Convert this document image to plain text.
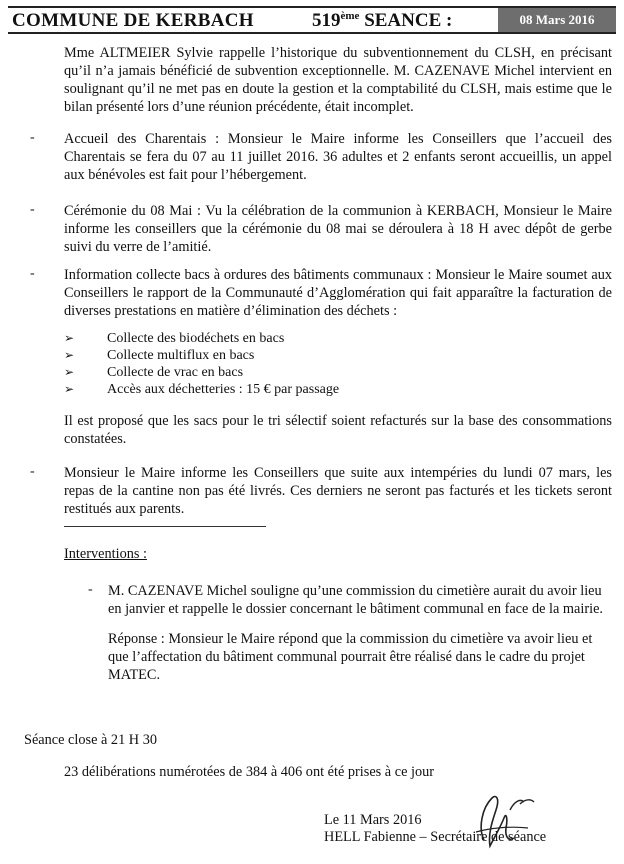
COMMUNE DE KERBACH	519ème SEANCE :	08 Mars 2016
Mme ALTMEIER Sylvie rappelle l’historique du subventionnement du CLSH, en précisant qu’il n’a jamais bénéficié de subvention exceptionnelle. M. CAZENAVE Michel intervient en soulignant qu’il ne met pas en doute la gestion et la comptabilité du CLSH, mais estime que le bilan présenté lors d’une réunion précédente, était incomplet.
- Accueil des Charentais : Monsieur le Maire informe les Conseillers que l’accueil des Charentais se fera du 07 au 11 juillet 2016. 36 adultes et 2 enfants seront accueillis, un appel aux bénévoles est fait pour l’hébergement.
- Cérémonie du 08 Mai : Vu la célébration de la communion à KERBACH, Monsieur le Maire informe les conseillers que la cérémonie du 08 mai se déroulera à 18 H avec dépôt de gerbe suivi du verre de l’amitié.
- Information collecte bacs à ordures des bâtiments communaux : Monsieur le Maire soumet aux Conseillers le rapport de la Communauté d’Agglomération qui fait apparaître la facturation de diverses prestations en matière d’élimination des déchets :
➢	Collecte des biodéchets en bacs
➢	Collecte multiflux en bacs
➢	Collecte de vrac en bacs
➢	Accès aux déchetteries : 15 € par passage
Il est proposé que les sacs pour le tri sélectif soient refacturés sur la base des consommations constatées.
- Monsieur le Maire informe les Conseillers que suite aux intempéries du lundi 07 mars, les repas de la cantine non pas été livrés. Ces derniers ne seront pas facturés et les tickets seront restitués aux parents.
Interventions :
- M. CAZENAVE Michel souligne qu’une commission du cimetière aurait du avoir lieu en janvier et rappelle le dossier concernant le bâtiment communal en face de la mairie.
Réponse : Monsieur le Maire répond que la commission du cimetière va avoir lieu et que l’affectation du bâtiment communal pourrait être réalisé dans le cadre du projet MATEC.
Séance close à 21 H 30
23 délibérations numérotées de 384 à 406 ont été prises à ce jour
Le 11 Mars 2016
HELL Fabienne – Secrétaire de séance
